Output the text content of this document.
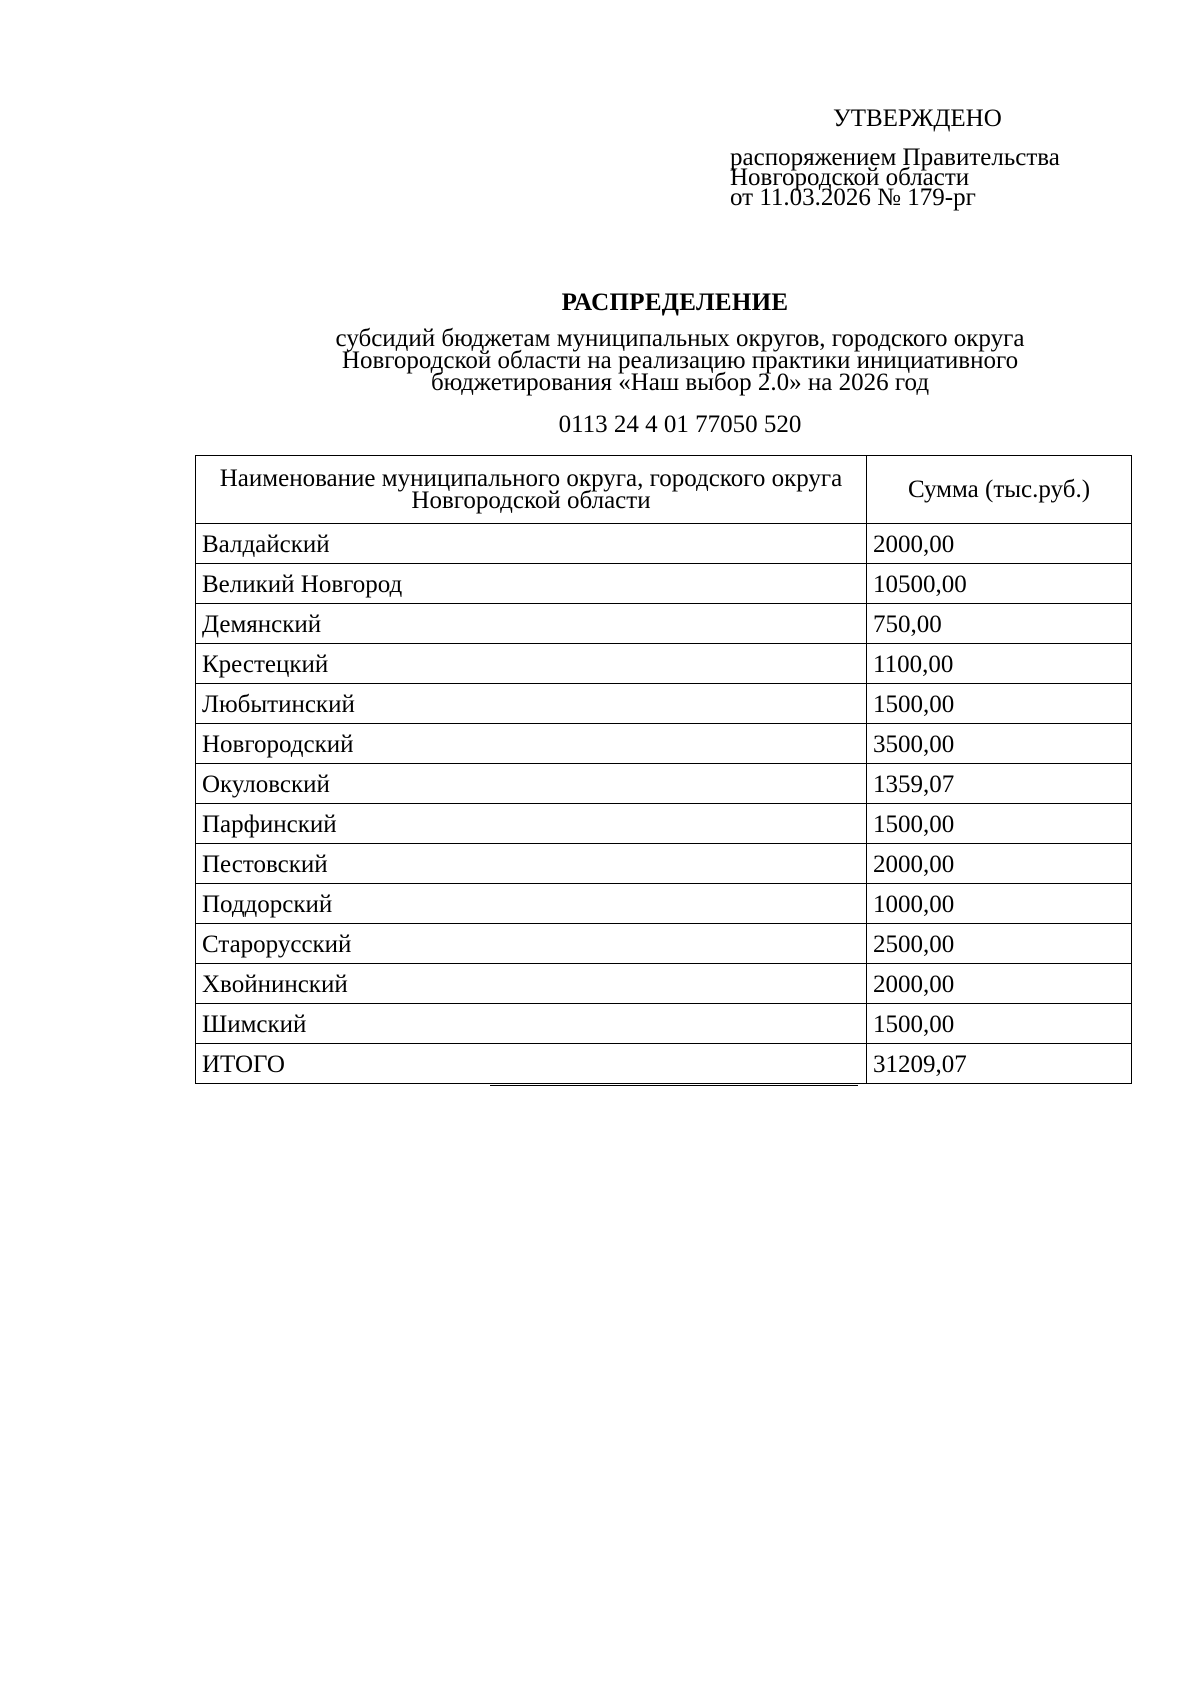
УТВЕРЖДЕНО
распоряжением Правительства
Новгородской области
от 11.03.2026 № 179-рг
РАСПРЕДЕЛЕНИЕ
субсидий бюджетам муниципальных округов, городского округа
Новгородской области на реализацию практики инициативного
бюджетирования «Наш выбор 2.0» на 2026 год
0113 24 4 01 77050 520
Наименование муниципального округа, городского округа Новгородской области	Сумма (тыс.руб.)
Валдайский	2000,00
Великий Новгород	10500,00
Демянский	750,00
Крестецкий	1100,00
Любытинский	1500,00
Новгородский	3500,00
Окуловский	1359,07
Парфинский	1500,00
Пестовский	2000,00
Поддорский	1000,00
Старорусский	2500,00
Хвойнинский	2000,00
Шимский	1500,00
ИТОГО	31209,07
